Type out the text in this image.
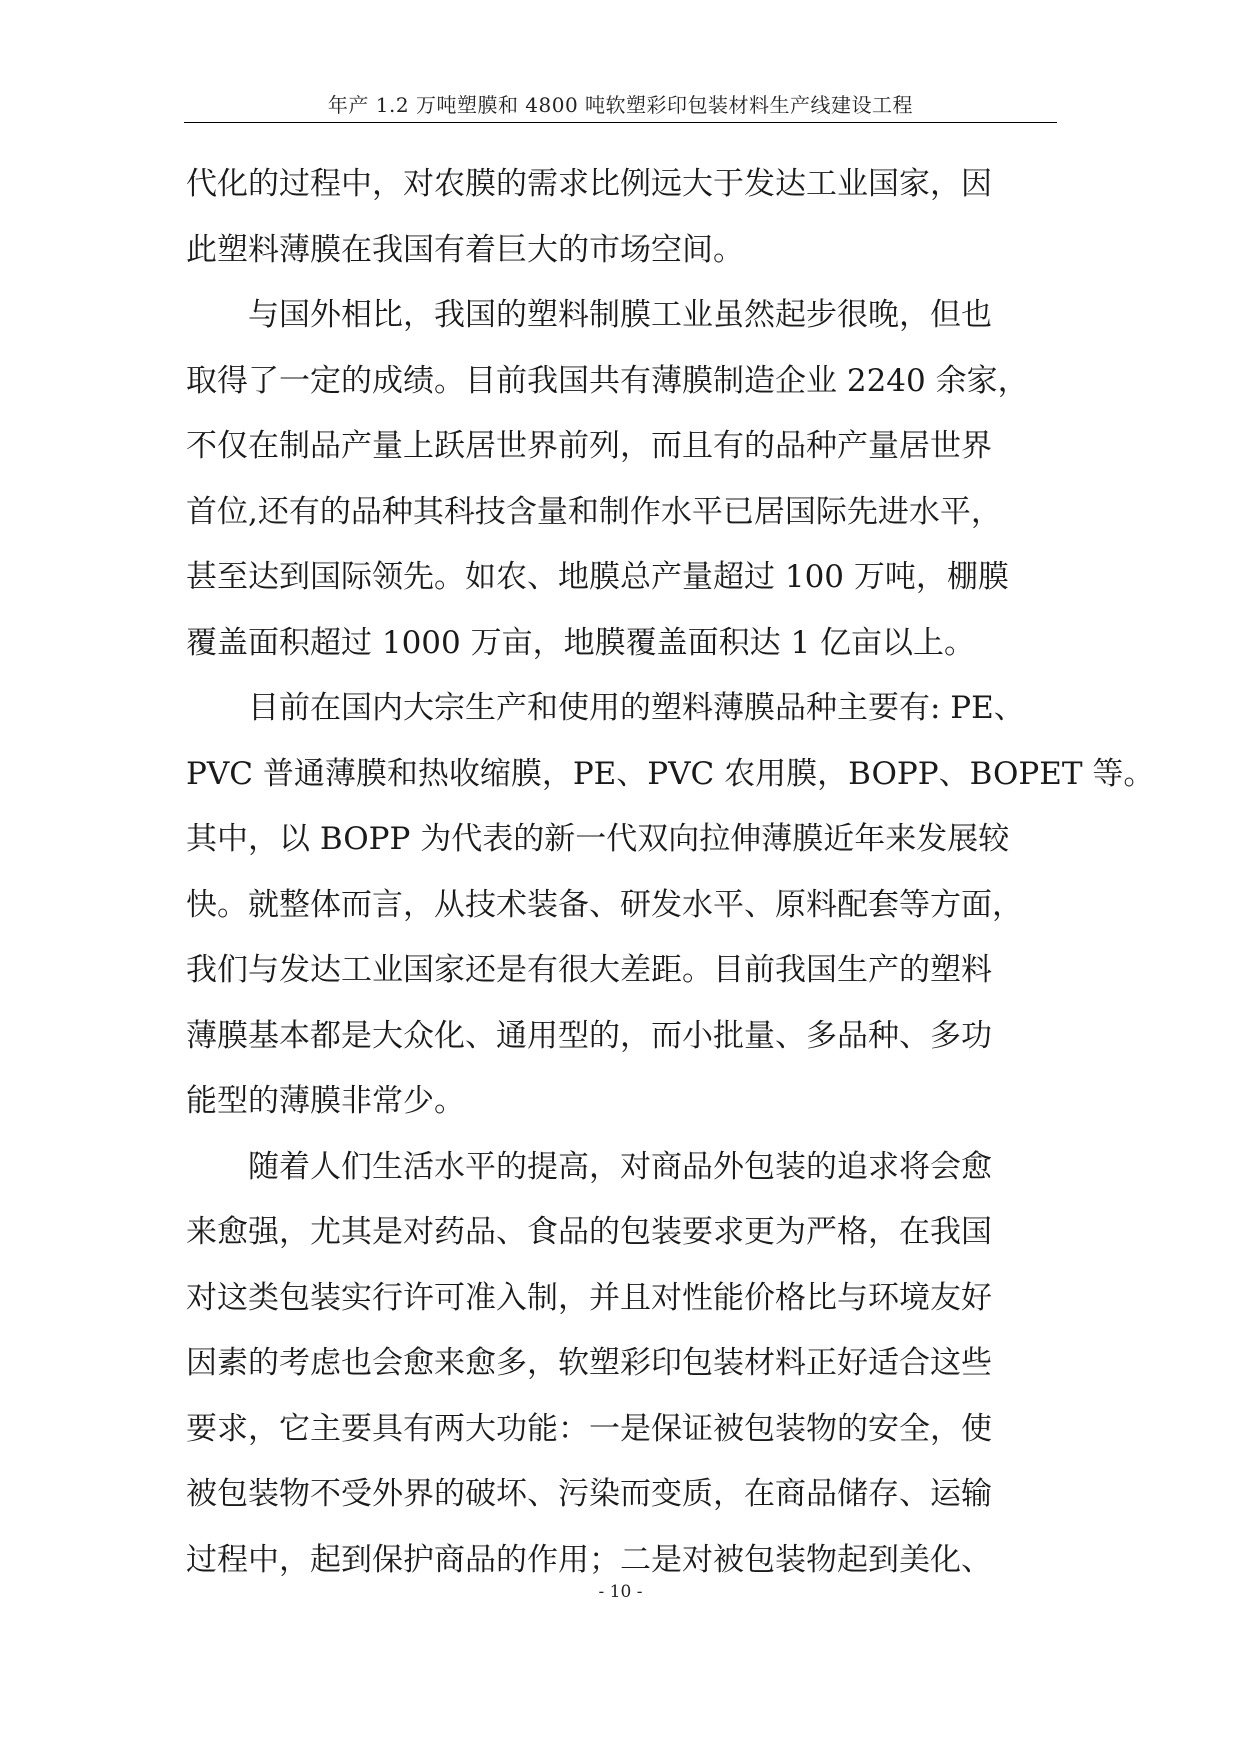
年产 1.2 万吨塑膜和 4800 吨软塑彩印包装材料生产线建设工程
代化的过程中，对农膜的需求比例远大于发达工业国家，因
此塑料薄膜在我国有着巨大的市场空间。
　　与国外相比，我国的塑料制膜工业虽然起步很晚，但也
取得了一定的成绩。目前我国共有薄膜制造企业 2240 余家，
不仅在制品产量上跃居世界前列，而且有的品种产量居世界
首位,还有的品种其科技含量和制作水平已居国际先进水平，
甚至达到国际领先。如农、地膜总产量超过 100 万吨，棚膜
覆盖面积超过 1000 万亩，地膜覆盖面积达 1 亿亩以上。
　　目前在国内大宗生产和使用的塑料薄膜品种主要有: PE、
PVC 普通薄膜和热收缩膜，PE、PVC 农用膜，BOPP、BOPET 等。
其中，以 BOPP 为代表的新一代双向拉伸薄膜近年来发展较
快。就整体而言，从技术装备、研发水平、原料配套等方面，
我们与发达工业国家还是有很大差距。目前我国生产的塑料
薄膜基本都是大众化、通用型的，而小批量、多品种、多功
能型的薄膜非常少。
　　随着人们生活水平的提高，对商品外包装的追求将会愈
来愈强，尤其是对药品、食品的包装要求更为严格，在我国
对这类包装实行许可准入制，并且对性能价格比与环境友好
因素的考虑也会愈来愈多，软塑彩印包装材料正好适合这些
要求，它主要具有两大功能：一是保证被包装物的安全，使
被包装物不受外界的破坏、污染而变质，在商品储存、运输
过程中，起到保护商品的作用；二是对被包装物起到美化、
- 10 -
